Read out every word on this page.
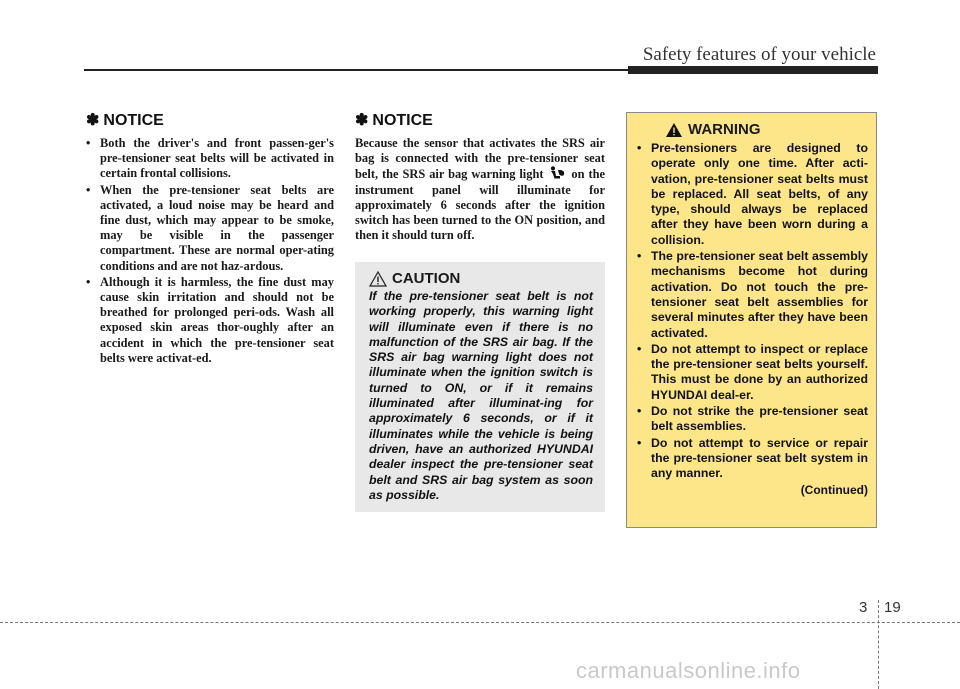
Safety features of your vehicle
✽ NOTICE
• Both the driver's and front passen-ger's pre-tensioner seat belts will be activated in certain frontal collisions.
• When the pre-tensioner seat belts are activated, a loud noise may be heard and fine dust, which may appear to be smoke, may be visible in the passenger compartment. These are normal oper-ating conditions and are not haz-ardous.
• Although it is harmless, the fine dust may cause skin irritation and should not be breathed for prolonged peri-ods. Wash all exposed skin areas thor-oughly after an accident in which the pre-tensioner seat belts were activat-ed.
✽ NOTICE

Because the sensor that activates the SRS air bag is connected with the pre-tensioner seat belt, the SRS air bag warning light on the instrument panel will illuminate for approximately 6 seconds after the ignition switch has been turned to the ON position, and then it should turn off.

CAUTION

If the pre-tensioner seat belt is not working properly, this warning light will illuminate even if there is no malfunction of the SRS air bag. If the SRS air bag warning light does not illuminate when the ignition switch is turned to ON, or if it remains illuminated after illuminat-ing for approximately 6 seconds, or if it illuminates while the vehicle is being driven, have an authorized HYUNDAI dealer inspect the pre-tensioner seat belt and SRS air bag system as soon as possible.

WARNING
• Pre-tensioners are designed to operate only one time. After acti-vation, pre-tensioner seat belts must be replaced. All seat belts, of any type, should always be replaced after they have been worn during a collision.
• The pre-tensioner seat belt assembly mechanisms become hot during activation. Do not touch the pre-tensioner seat belt assemblies for several minutes after they have been activated.
• Do not attempt to inspect or replace the pre-tensioner seat belts yourself. This must be done by an authorized HYUNDAI deal-er.
• Do not strike the pre-tensioner seat belt assemblies.
• Do not attempt to service or repair the pre-tensioner seat belt system in any manner.
(Continued)
3 19
carmanualsonline.info
